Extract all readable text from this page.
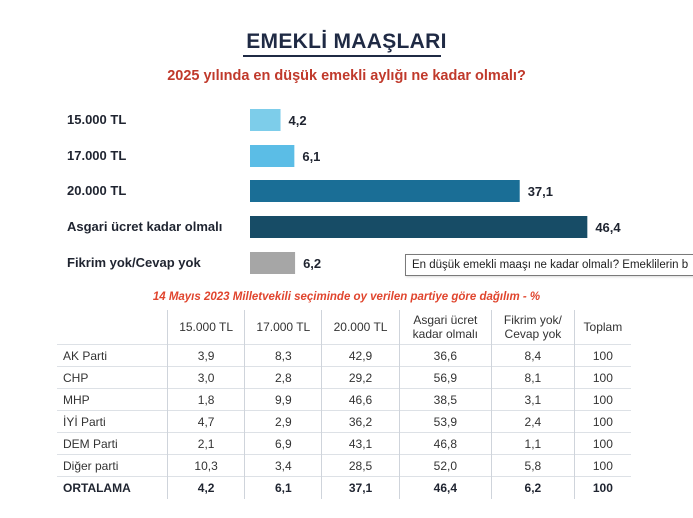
EMEKLİ MAAŞLARI
2025 yılında en düşük emekli aylığı ne kadar olmalı?
15.000 TL	4,2
17.000 TL	6,1
20.000 TL	37,1
Asgari ücret kadar olmalı	46,4
Fikrim yok/Cevap yok	6,2	En düşük emekli maaşı ne kadar olmalı? Emeklilerin b
14 Mayıs 2023 Milletvekili seçiminde oy verilen partiye göre dağılım - %
	15.000 TL	17.000 TL	20.000 TL	Asgari ücret
kadar olmalı	Fikrim yok/
Cevap yok	Toplam
AK Parti	3,9	8,3	42,9	36,6	8,4	100
CHP	3,0	2,8	29,2	56,9	8,1	100
MHP	1,8	9,9	46,6	38,5	3,1	100
İYİ Parti	4,7	2,9	36,2	53,9	2,4	100
DEM Parti	2,1	6,9	43,1	46,8	1,1	100
Diğer parti	10,3	3,4	28,5	52,0	5,8	100
ORTALAMA	4,2	6,1	37,1	46,4	6,2	100
